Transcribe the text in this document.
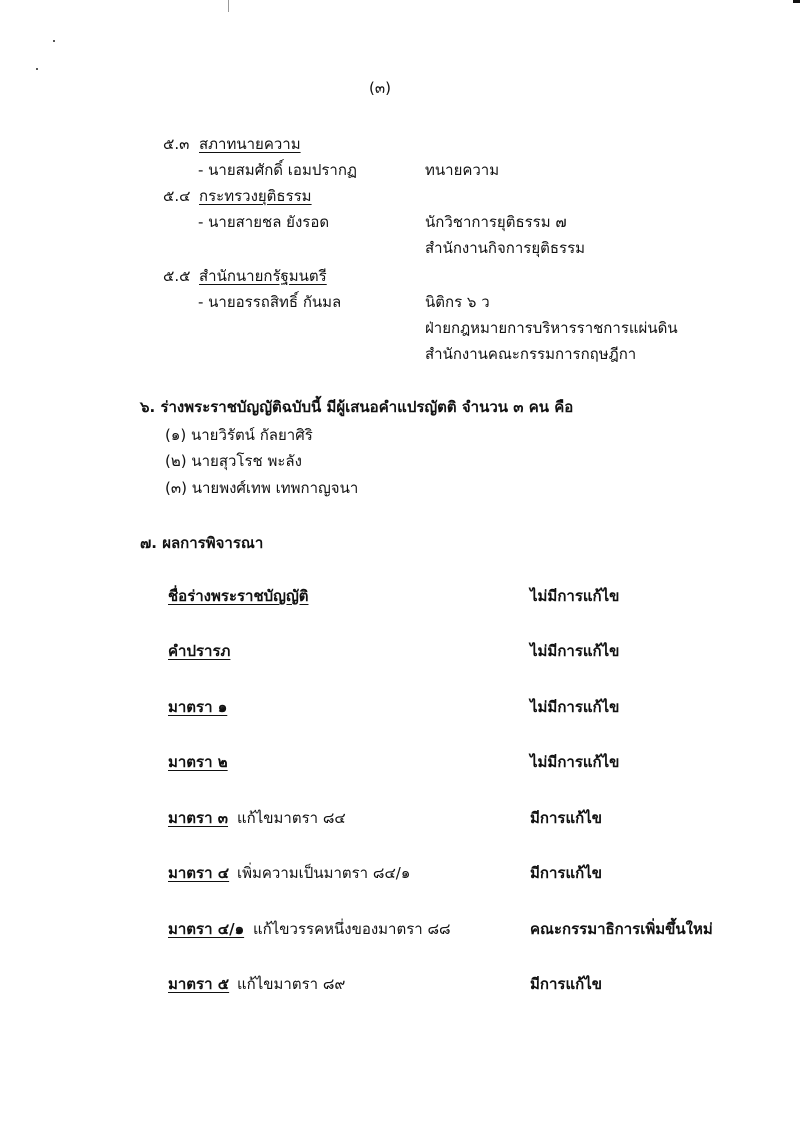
(๓)
๕.๓ สภาทนายความ
- นายสมศักดิ์ เอมปรากฏ	ทนายความ
๕.๔ กระทรวงยุติธรรม
- นายสายชล ยังรอด	นักวิชาการยุติธรรม ๗
สำนักงานกิจการยุติธรรม
๕.๕ สำนักนายกรัฐมนตรี
- นายอรรถสิทธิ์ กันมล	นิติกร ๖ ว
ฝ่ายกฎหมายการบริหารราชการแผ่นดิน
สำนักงานคณะกรรมการกฤษฎีกา
๖. ร่างพระราชบัญญัติฉบับนี้ มีผู้เสนอคำแปรญัตติ จำนวน ๓ คน คือ
(๑) นายวิรัตน์ กัลยาศิริ
(๒) นายสุวโรช พะลัง
(๓) นายพงศ์เทพ เทพกาญจนา
๗. ผลการพิจารณา
ชื่อร่างพระราชบัญญัติ	ไม่มีการแก้ไข
คำปรารภ	ไม่มีการแก้ไข
มาตรา ๑	ไม่มีการแก้ไข
มาตรา ๒	ไม่มีการแก้ไข
มาตรา ๓ แก้ไขมาตรา ๘๔	มีการแก้ไข
มาตรา ๔ เพิ่มความเป็นมาตรา ๘๔/๑	มีการแก้ไข
มาตรา ๔/๑ แก้ไขวรรคหนึ่งของมาตรา ๘๘	คณะกรรมาธิการเพิ่มขึ้นใหม่
มาตรา ๕ แก้ไขมาตรา ๘๙	มีการแก้ไข
